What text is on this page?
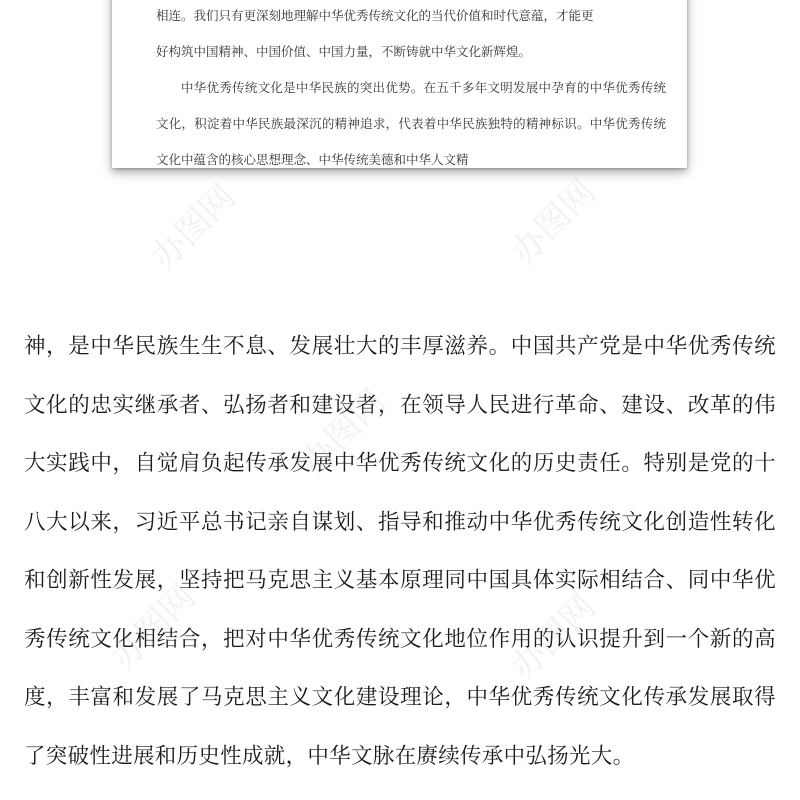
相连。我们只有更深刻地理解中华优秀传统文化的当代价值和时代意蕴，才能更

好构筑中国精神、中国价值、中国力量，不断铸就中华文化新辉煌。

中华优秀传统文化是中华民族的突出优势。在五千多年文明发展中孕育的中华优秀传统文化，积淀着中华民族最深沉的精神追求，代表着中华民族独特的精神标识。中华优秀传统文化中蕴含的核心思想理念、中华传统美德和中华人文精

神，是中华民族生生不息、发展壮大的丰厚滋养。中国共产党是中华优秀传统文化的忠实继承者、弘扬者和建设者，在领导人民进行革命、建设、改革的伟大实践中，自觉肩负起传承发展中华优秀传统文化的历史责任。特别是党的十八大以来，习近平总书记亲自谋划、指导和推动中华优秀传统文化创造性转化和创新性发展，坚持把马克思主义基本原理同中国具体实际相结合、同中华优秀传统文化相结合，把对中华优秀传统文化地位作用的认识提升到一个新的高度，丰富和发展了马克思主义文化建设理论，中华优秀传统文化传承发展取得了突破性进展和历史性成就，中华文脉在赓续传承中弘扬光大。

办图网	办图网
办图网
办图网	办图网
